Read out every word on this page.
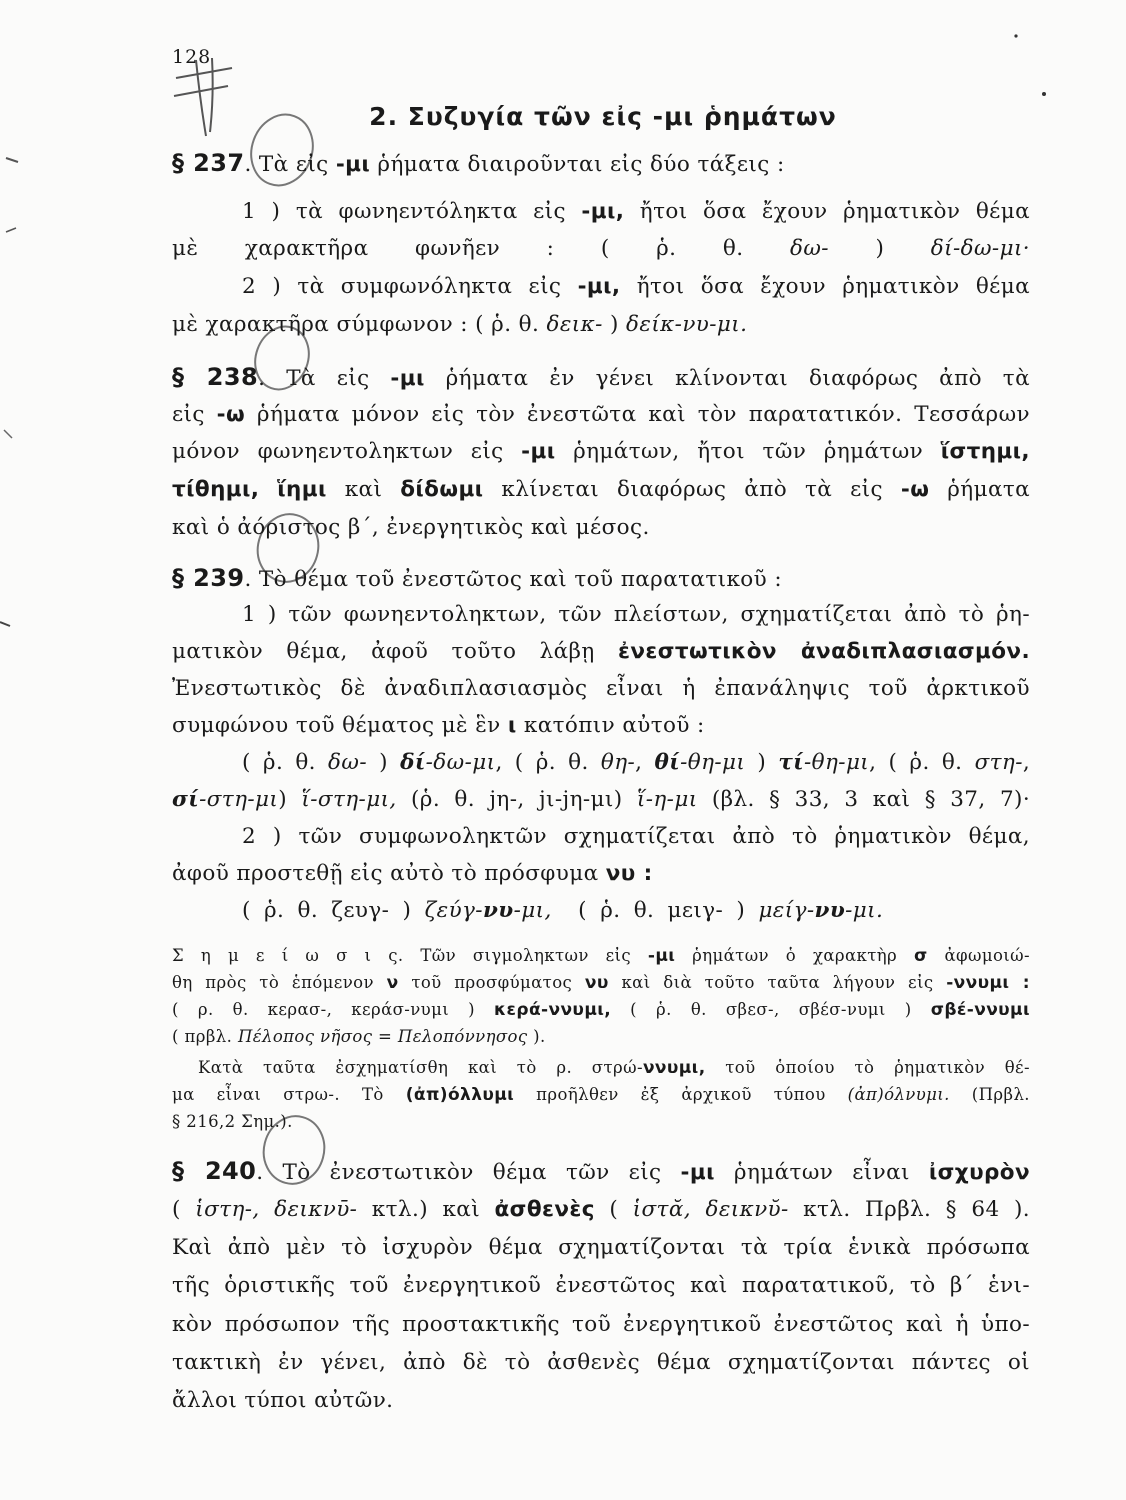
128
2. Συζυγία τῶν εἰς -μι ῥημάτων
§ 237. Τὰ εἰς -μι ῥήματα διαιροῦνται εἰς δύο τάξεις :
1 ) τὰ φωνηεντόληκτα εἰς -μι, ἤτοι ὅσα ἔχουν ῥηματικὸν θέμα
μὲ χαρακτῆρα φωνῆεν : ( ῥ. θ. δω- ) δί-δω-μι·
2 ) τὰ συμφωνόληκτα εἰς -μι, ἤτοι ὅσα ἔχουν ῥηματικὸν θέμα
μὲ χαρακτῆρα σύμφωνον : ( ῥ. θ. δεικ- ) δείκ-νυ-μι.
§ 238. Τὰ εἰς -μι ῥήματα ἐν γένει κλίνονται διαφόρως ἀπὸ τὰ
εἰς -ω ῥήματα μόνον εἰς τὸν ἐνεστῶτα καὶ τὸν παρατατικόν. Τεσσάρων
μόνον φωνηεντοληκτων εἰς -μι ῥημάτων, ἤτοι τῶν ῥημάτων ἵστημι,
τίθημι, ἵημι καὶ δίδωμι κλίνεται διαφόρως ἀπὸ τὰ εἰς -ω ῥήματα
καὶ ὁ ἀόριστος β΄, ἐνεργητικὸς καὶ μέσος.
§ 239. Τὸ θέμα τοῦ ἐνεστῶτος καὶ τοῦ παρατατικοῦ :
1 ) τῶν φωνηεντοληκτων, τῶν πλείστων, σχηματίζεται ἀπὸ τὸ ῥη-
ματικὸν θέμα, ἀφοῦ τοῦτο λάβῃ ἐνεστωτικὸν ἀναδιπλασιασμόν.
Ἐνεστωτικὸς δὲ ἀναδιπλασιασμὸς εἶναι ἡ ἐπανάληψις τοῦ ἀρκτικοῦ
συμφώνου τοῦ θέματος μὲ ἓν ι κατόπιν αὐτοῦ :
( ῥ. θ. δω- ) δί-δω-μι, ( ῥ. θ. θη-, θί-θη-μι ) τί-θη-μι, ( ῥ. θ. στη-,
σί-στη-μι) ἵ-στη-μι, (ῥ. θ. jη-, jι-jη-μι) ἵ-η-μι (βλ. § 33, 3 καὶ § 37, 7)·
2 ) τῶν συμφωνοληκτῶν σχηματίζεται ἀπὸ τὸ ῥηματικὸν θέμα,
ἀφοῦ προστεθῇ εἰς αὐτὸ τὸ πρόσφυμα νυ :
( ῥ. θ. ζευγ- ) ζεύγ-νυ-μι, ( ῥ. θ. μειγ- ) μείγ-νυ-μι.
Σ η μ ε ί ω σ ι ς. Τῶν σιγμοληκτων εἰς -μι ῥημάτων ὁ χαρακτὴρ σ ἀφωμοιώ-
θη πρὸς τὸ ἑπόμενον ν τοῦ προσφύματος νυ καὶ διὰ τοῦτο ταῦτα λήγουν εἰς -ννυμι :
( ρ. θ. κερασ-, κεράσ-νυμι ) κερά-ννυμι, ( ῥ. θ. σβεσ-, σβέσ-νυμι ) σβέ-ννυμι
( πρβλ. Πέλοπος νῆσος = Πελοπόννησος ).
Κατὰ ταῦτα ἐσχηματίσθη καὶ τὸ ρ. στρώ-ννυμι, τοῦ ὁποίου τὸ ῥηματικὸν θέ-
μα εἶναι στρω-. Τὸ (ἀπ)όλλυμι προῆλθεν ἐξ ἀρχικοῦ τύπου (ἀπ)όλνυμι. (Πρβλ.
§ 216,2 Σημ.).
§ 240. Τὸ ἐνεστωτικὸν θέμα τῶν εἰς -μι ῥημάτων εἶναι ἰσχυρὸν
( ἱστη-, δεικνῡ- κτλ.) καὶ ἀσθενὲς ( ἱστᾰ, δεικνῠ- κτλ. Πρβλ. § 64 ).
Καὶ ἀπὸ μὲν τὸ ἰσχυρὸν θέμα σχηματίζονται τὰ τρία ἑνικὰ πρόσωπα
τῆς ὁριστικῆς τοῦ ἐνεργητικοῦ ἐνεστῶτος καὶ παρατατικοῦ, τὸ β΄ ἑνι-
κὸν πρόσωπον τῆς προστακτικῆς τοῦ ἐνεργητικοῦ ἐνεστῶτος καὶ ἡ ὑπο-
τακτικὴ ἐν γένει, ἀπὸ δὲ τὸ ἀσθενὲς θέμα σχηματίζονται πάντες οἱ
ἄλλοι τύποι αὐτῶν.
